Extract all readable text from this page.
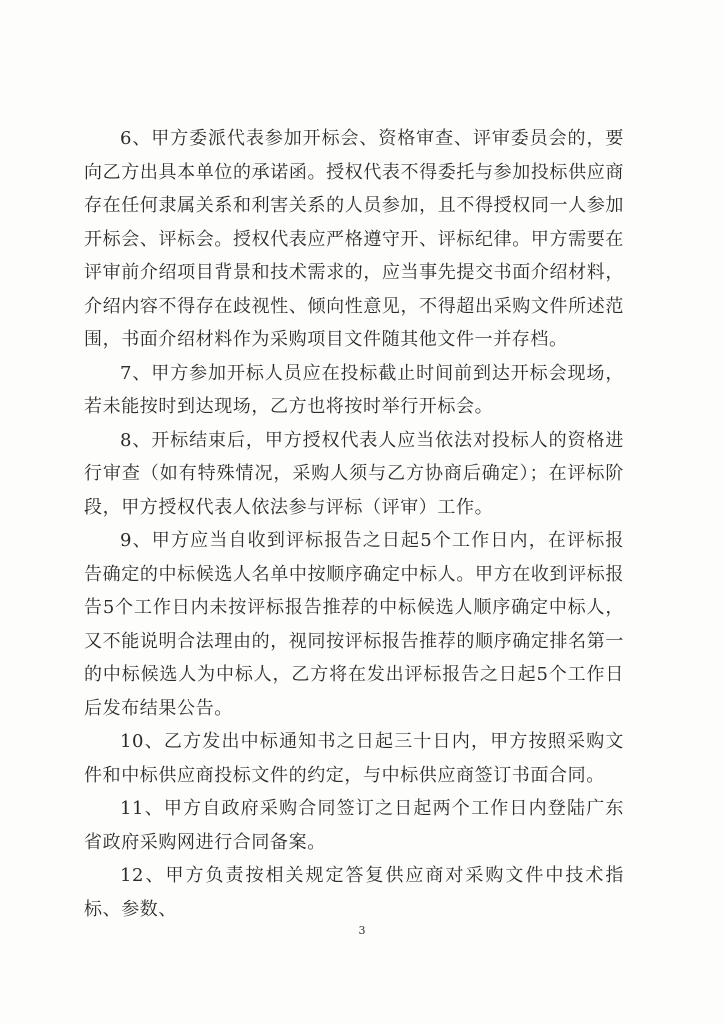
6、甲方委派代表参加开标会、资格审查、评审委员会的，要向乙方出具本单位的承诺函。授权代表不得委托与参加投标供应商存在任何隶属关系和利害关系的人员参加，且不得授权同一人参加开标会、评标会。授权代表应严格遵守开、评标纪律。甲方需要在评审前介绍项目背景和技术需求的，应当事先提交书面介绍材料，介绍内容不得存在歧视性、倾向性意见，不得超出采购文件所述范围，书面介绍材料作为采购项目文件随其他文件一并存档。

7、甲方参加开标人员应在投标截止时间前到达开标会现场，若未能按时到达现场，乙方也将按时举行开标会。

8、开标结束后，甲方授权代表人应当依法对投标人的资格进行审查（如有特殊情况，采购人须与乙方协商后确定）；在评标阶段，甲方授权代表人依法参与评标（评审）工作。

9、甲方应当自收到评标报告之日起5个工作日内，在评标报告确定的中标候选人名单中按顺序确定中标人。甲方在收到评标报告5个工作日内未按评标报告推荐的中标候选人顺序确定中标人，又不能说明合法理由的，视同按评标报告推荐的顺序确定排名第一的中标候选人为中标人，乙方将在发出评标报告之日起5个工作日后发布结果公告。

10、乙方发出中标通知书之日起三十日内，甲方按照采购文件和中标供应商投标文件的约定，与中标供应商签订书面合同。

11、甲方自政府采购合同签订之日起两个工作日内登陆广东省政府采购网进行合同备案。

12、甲方负责按相关规定答复供应商对采购文件中技术指标、参数、

3
